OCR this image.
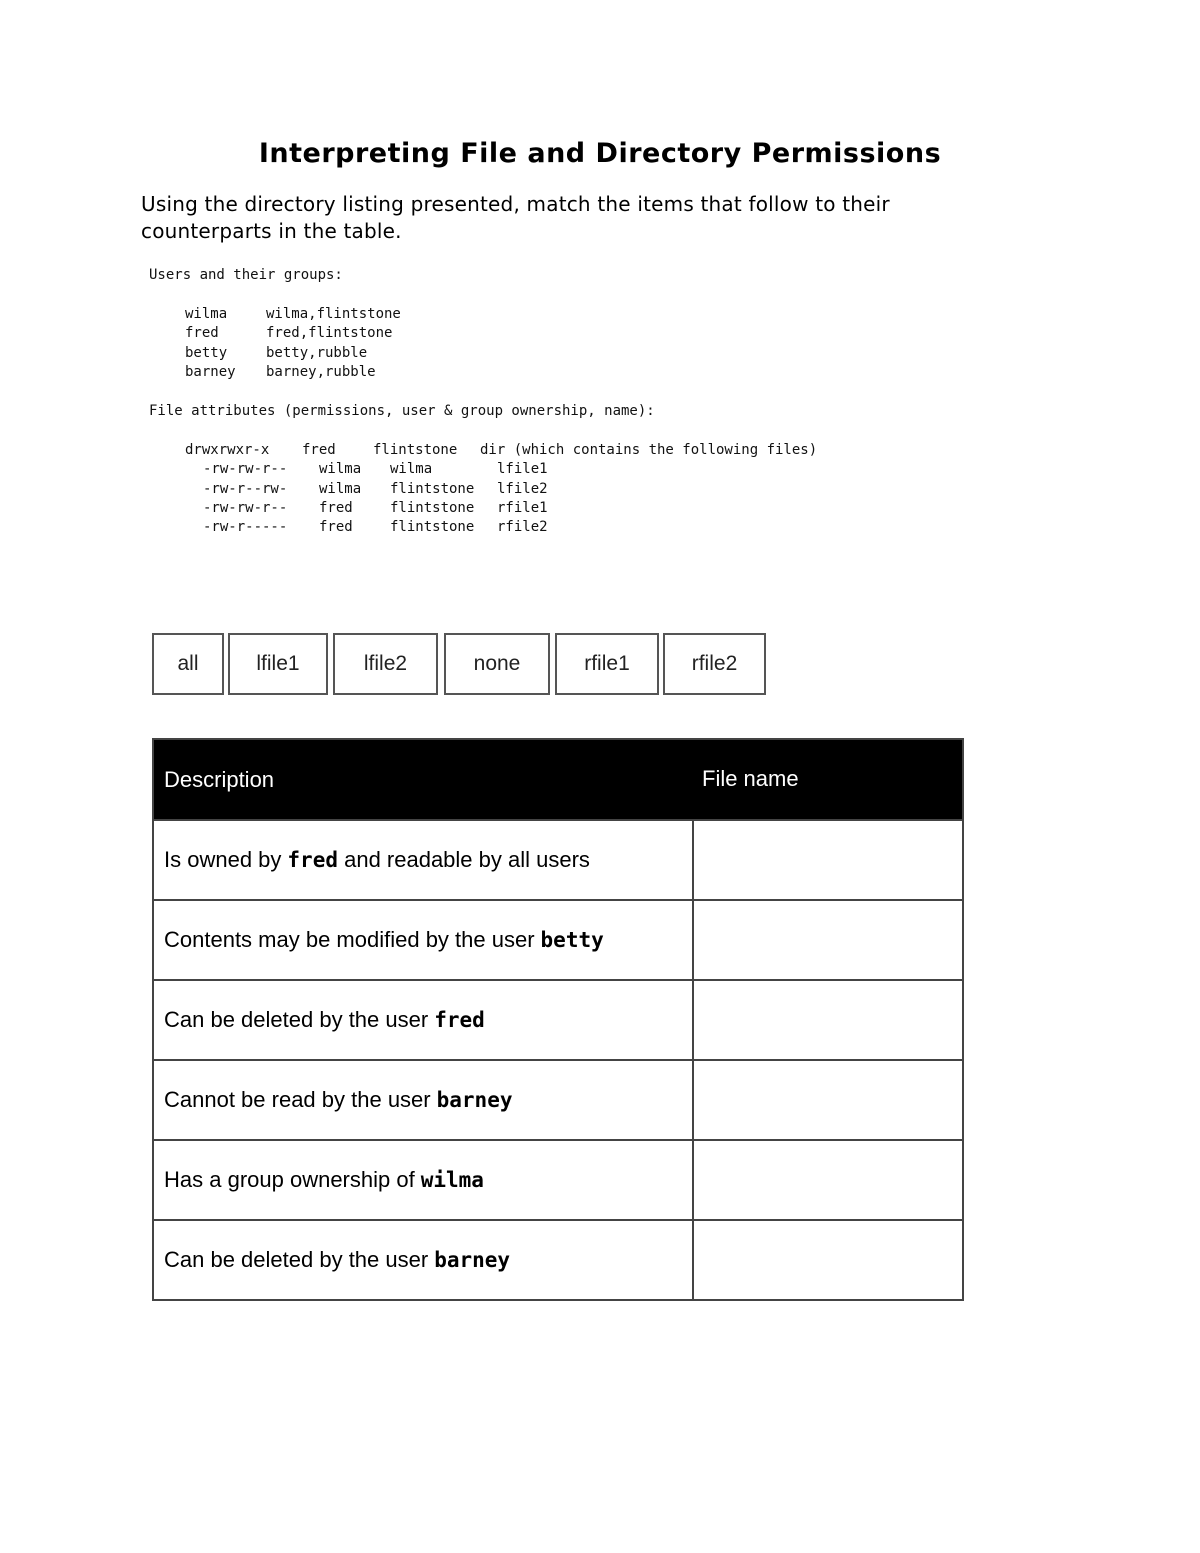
Interpreting File and Directory Permissions
Using the directory listing presented, match the items that follow to their counterparts in the table.
Users and their groups:
wilma	wilma,flintstone
fred	fred,flintstone
betty	betty,rubble
barney barney,rubble
File attributes (permissions, user & group ownership, name):
drwxrwxr-x fred	flintstone dir (which contains the following files)
-rw-rw-r-- wilma wilma	lfile1
-rw-r--rw- wilma flintstone lfile2
-rw-rw-r-- fred	flintstone rfile1
-rw-r----- fred	flintstone rfile2
all	lfile1	lfile2	none	rfile1	rfile2
Description	File name
Is owned by fred and readable by all users
Contents may be modified by the user betty
Can be deleted by the user fred
Cannot be read by the user barney
Has a group ownership of wilma
Can be deleted by the user barney
